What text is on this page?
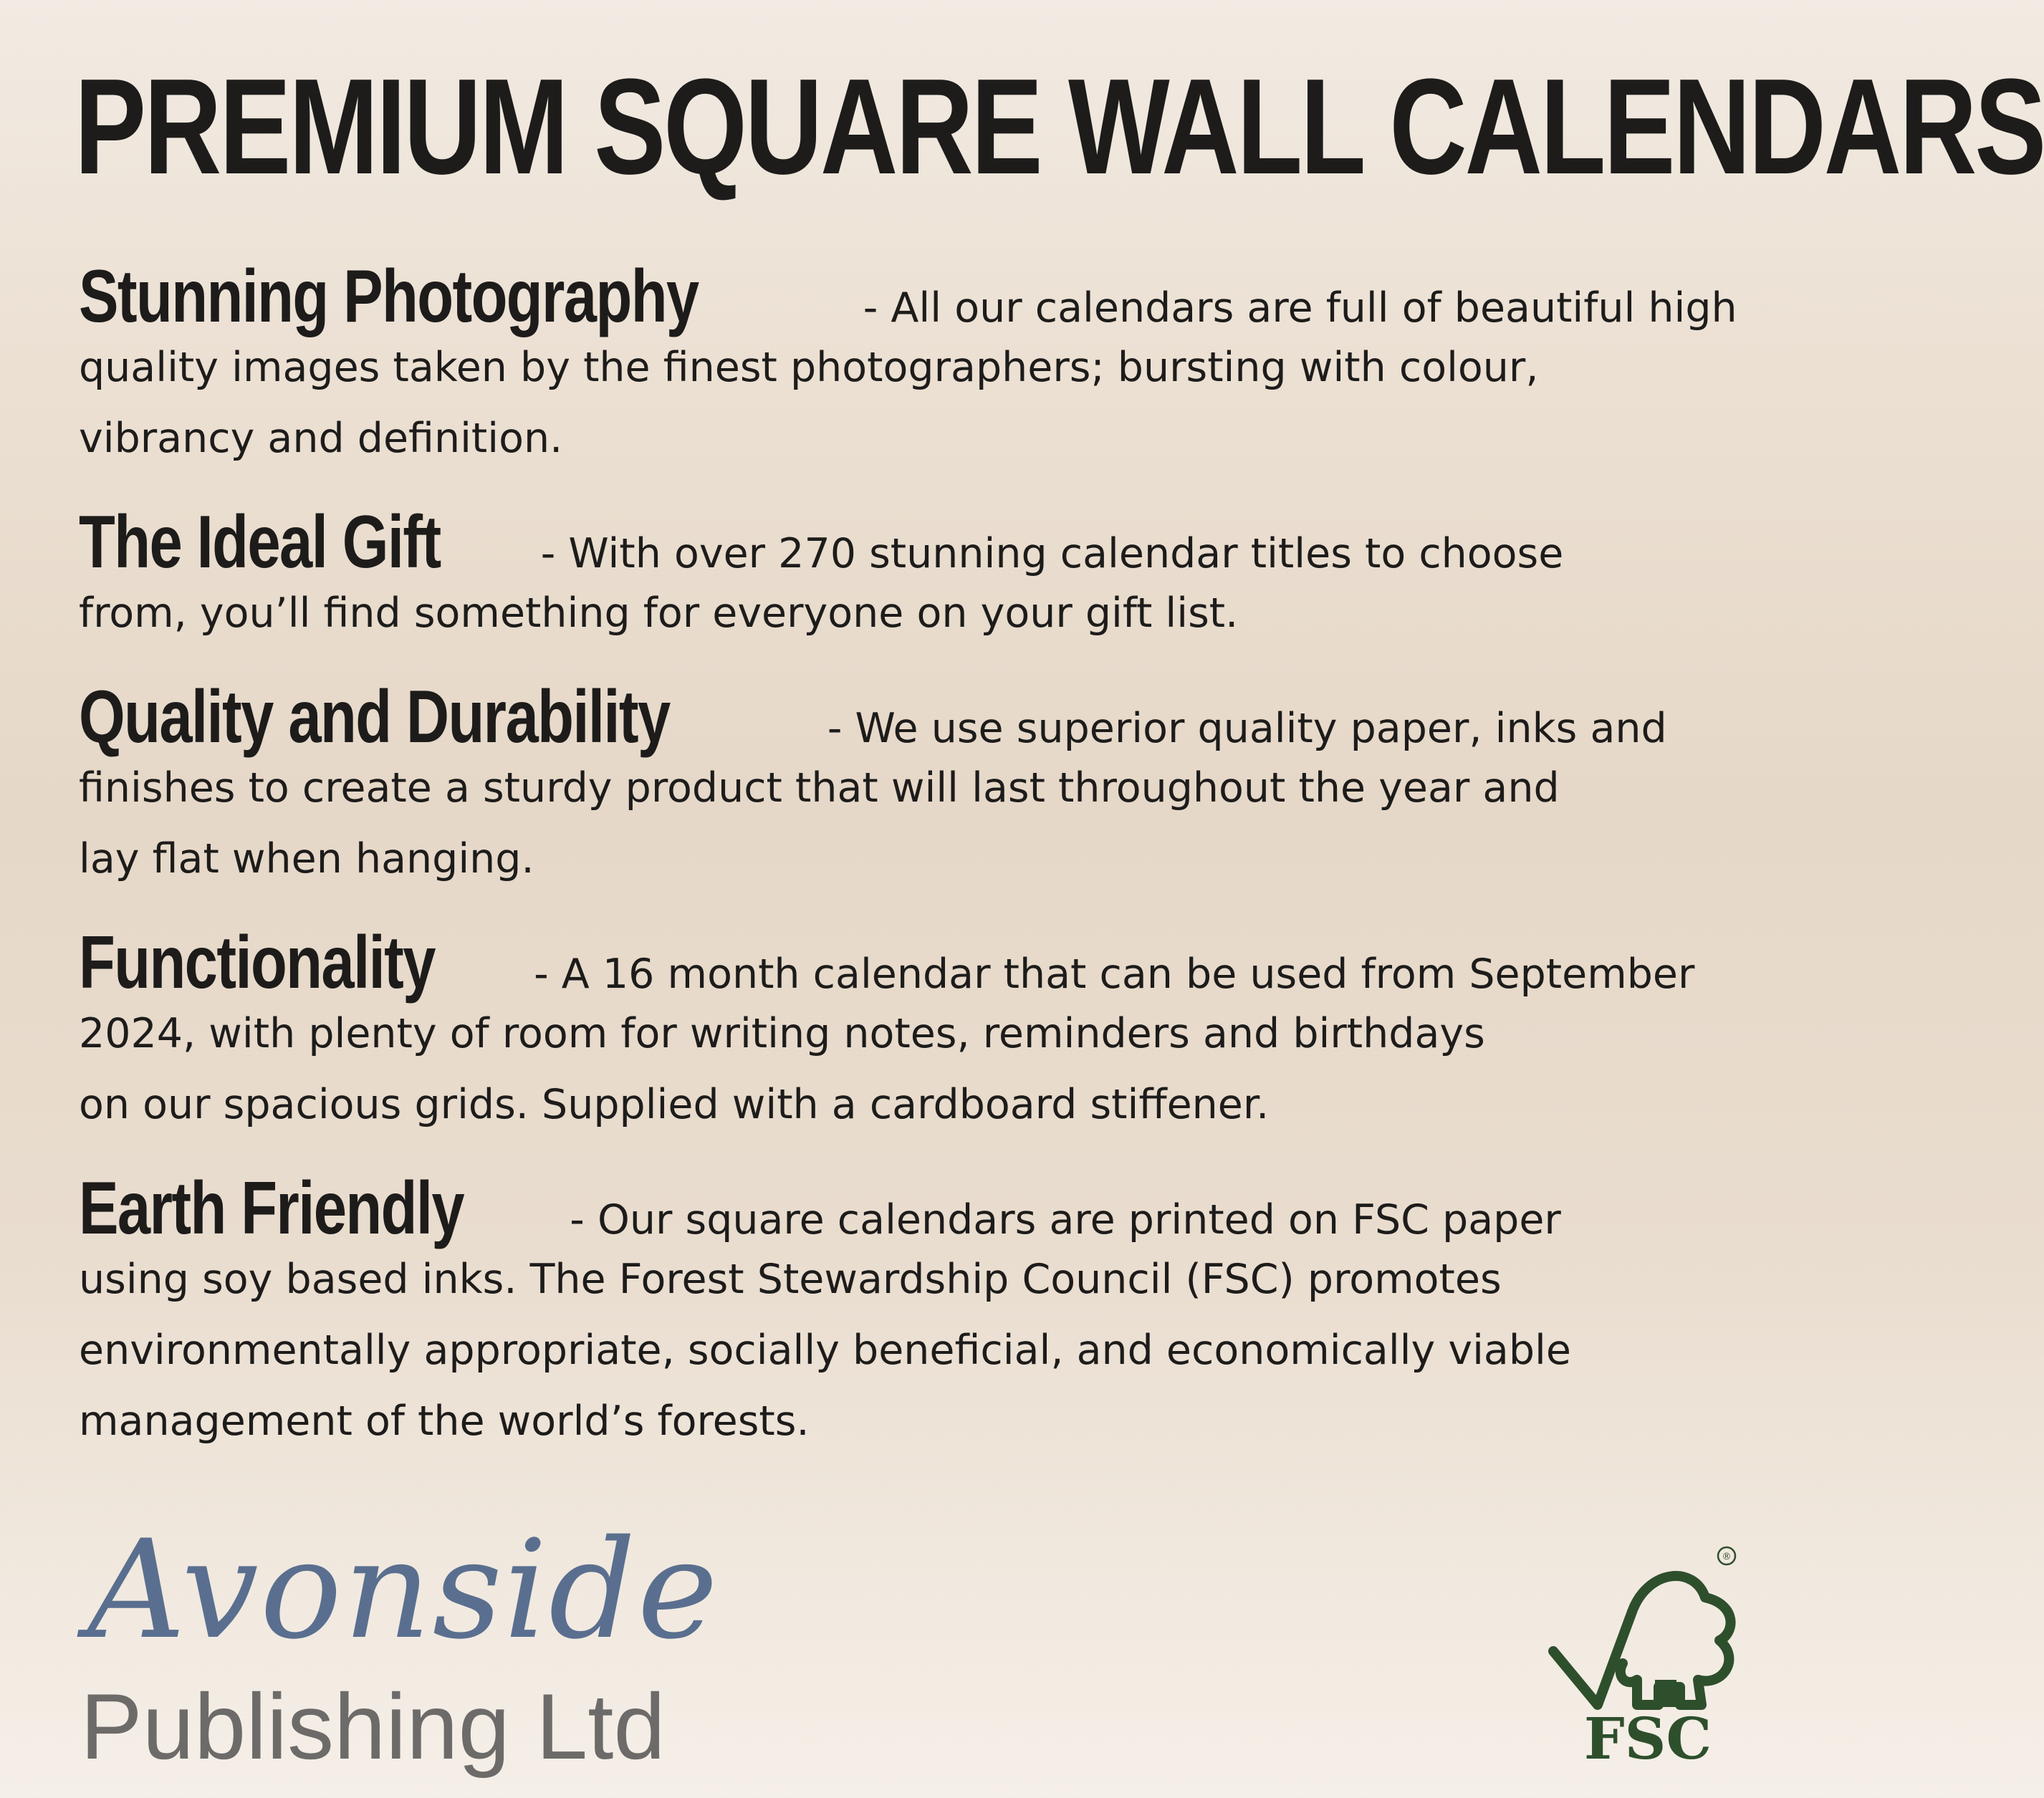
PREMIUM SQUARE WALL CALENDARS

Stunning Photography	- All our calendars are full of beautiful high
quality images taken by the finest photographers; bursting with colour,
vibrancy and definition.

The Ideal Gift - With over 270 stunning calendar titles to choose
from, you’ll find something for everyone on your gift list.

Quality and Durability	- We use superior quality paper, inks and
finishes to create a sturdy product that will last throughout the year and
lay flat when hanging.

Functionality - A 16 month calendar that can be used from September
2024, with plenty of room for writing notes, reminders and birthdays
on our spacious grids. Supplied with a cardboard stiffener.

Earth Friendly	- Our square calendars are printed on FSC paper
using soy based inks. The Forest Stewardship Council (FSC) promotes
environmentally appropriate, socially beneficial, and economically viable
management of the world’s forests.

Avonside
Publishing Ltd
®
FSC
